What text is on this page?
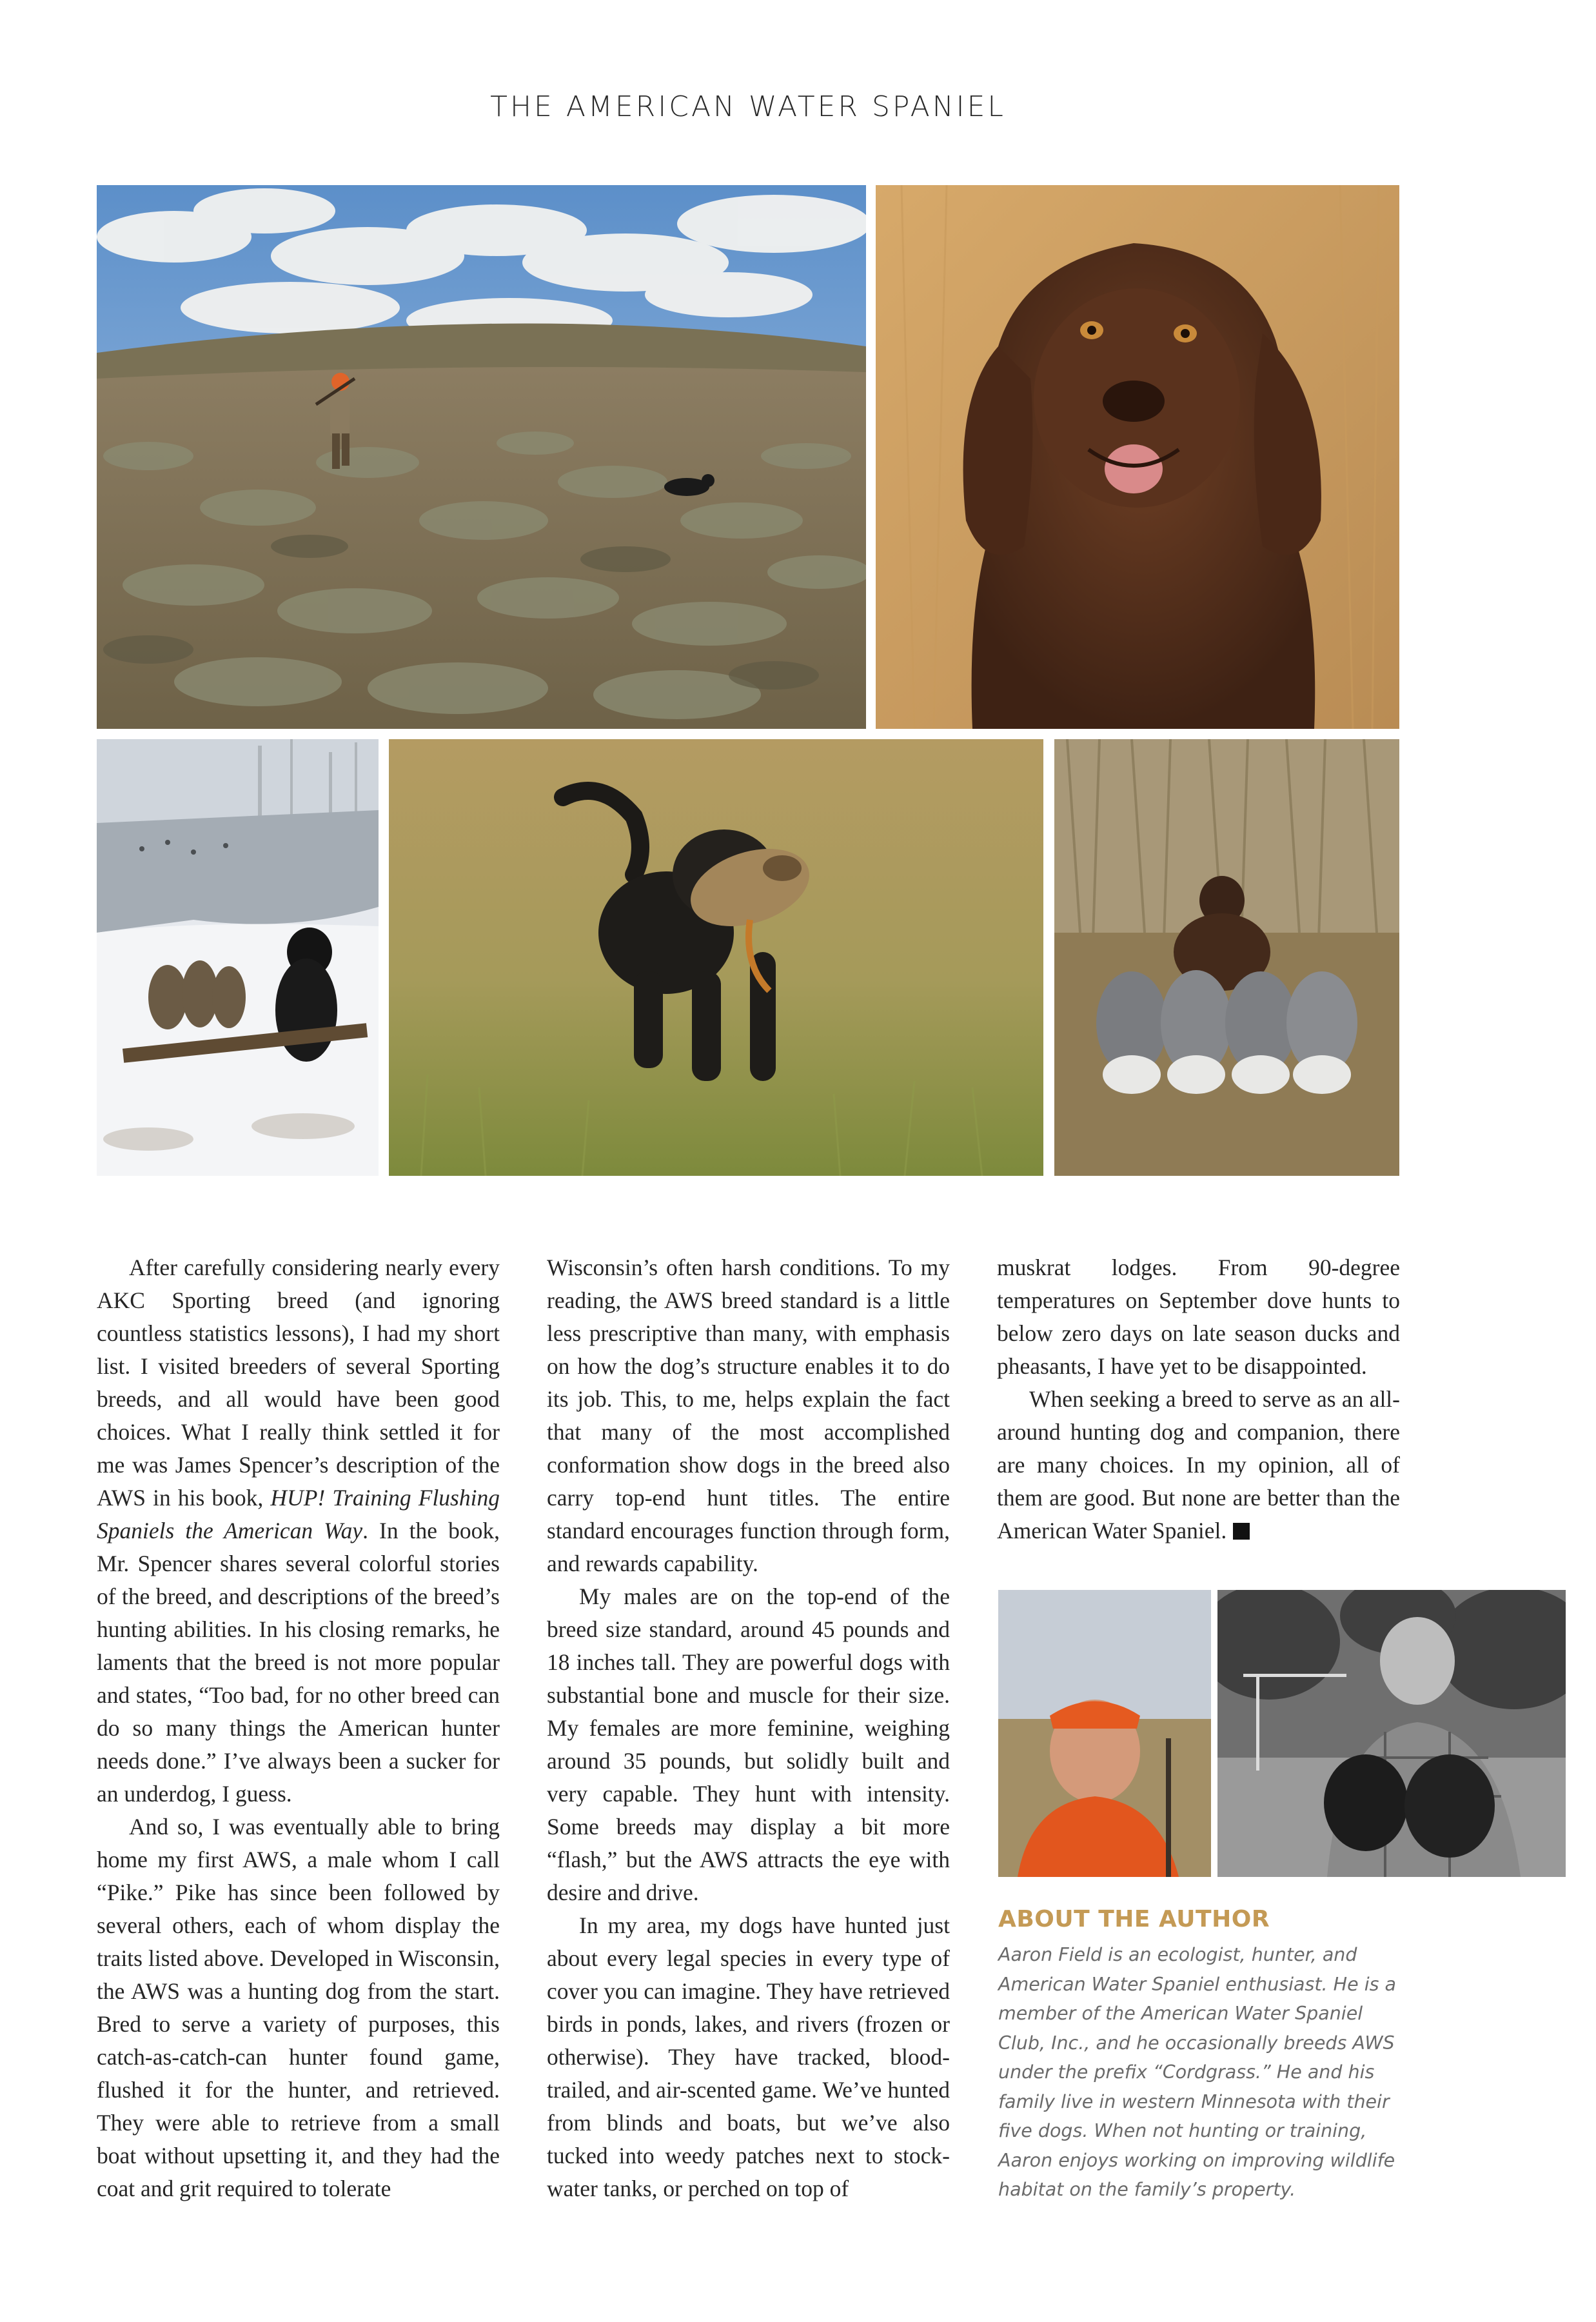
THE AMERICAN WATER SPANIEL

After carefully considering nearly every AKC Sporting breed (and ignoring countless statistics lessons), I had my short list. I visited breeders of several Sporting breeds, and all would have been good choices. What I really think settled it for me was James Spencer’s description of the AWS in his book, HUP! Training Flushing Spaniels the American Way. In the book, Mr. Spencer shares several colorful stories of the breed, and descriptions of the breed’s hunting abilities. In his closing remarks, he laments that the breed is not more popular and states, “Too bad, for no other breed can do so many things the American hunter needs done.” I’ve always been a sucker for an underdog, I guess.

And so, I was eventually able to bring home my first AWS, a male whom I call “Pike.” Pike has since been followed by several others, each of whom display the traits listed above. Developed in Wisconsin, the AWS was a hunting dog from the start. Bred to serve a variety of purposes, this catch-as-catch-can hunter found game, flushed it for the hunter, and retrieved. They were able to retrieve from a small boat without upsetting it, and they had the coat and grit required to tolerate

Wisconsin’s often harsh conditions. To my reading, the AWS breed standard is a little less prescriptive than many, with emphasis on how the dog’s structure enables it to do its job. This, to me, helps explain the fact that many of the most accomplished conformation show dogs in the breed also carry top-end hunt titles. The entire standard encourages function through form, and rewards capability.

My males are on the top-end of the breed size standard, around 45 pounds and 18 inches tall. They are powerful dogs with substantial bone and muscle for their size. My females are more feminine, weighing around 35 pounds, but solidly built and very capable. They hunt with intensity. Some breeds may display a bit more “flash,” but the AWS attracts the eye with desire and drive.

In my area, my dogs have hunted just about every legal species in every type of cover you can imagine. They have retrieved birds in ponds, lakes, and rivers (frozen or otherwise). They have tracked, blood-trailed, and air-scented game. We’ve hunted from blinds and boats, but we’ve also tucked into weedy patches next to stock-water tanks, or perched on top of

muskrat lodges. From 90-degree temperatures on September dove hunts to below zero days on late season ducks and pheasants, I have yet to be disappointed.

When seeking a breed to serve as an all-around hunting dog and companion, there are many choices. In my opinion, all of them are good. But none are better than the American Water Spaniel.

ABOUT THE AUTHOR
Aaron Field is an ecologist, hunter, and American Water Spaniel enthusiast. He is a member of the American Water Spaniel Club, Inc., and he occasionally breeds AWS under the prefix “Cordgrass.” He and his family live in western Minnesota with their five dogs. When not hunting or training, Aaron enjoys working on improving wildlife habitat on the family’s property.
